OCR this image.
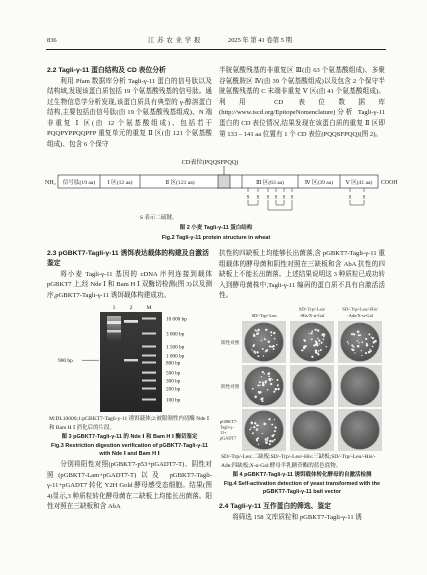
836	江 苏 农 业 学 报	2025 年 第 41 卷第 5 期
2.2 Tagli-γ-11 蛋白结构及 CD 表位分析
利用 Pfam 数据库分析 Tagli-γ-11 蛋白的信号肽以及结构域,发现该蛋白质包括 19 个氨基酸残基的信号肽。通过生物信息学分析发现,该蛋白质具有典型的 γ-醇溶蛋白结构,主要包括由信号肽(由 19 个氨基酸残基组成)、N 端非重复 Ⅰ 区(由 12 个氨基酸组成)、包括若干 PQQPYPPQQPFP 重复单元的重复 Ⅱ 区(由 121 个氨基酸组成)、包含 6 个保守
半胱氨酸残基的非重复区 Ⅲ(由 63 个氨基酸组成)、多聚谷氨酰胺区 Ⅳ(由 39 个氨基酸组成)以及包含 2 个保守半胱氨酸残基的 C 末端非重复 Ⅴ 区(由 41 个氨基酸组成)。利用 CD 表位数据库(http://www.iscd.org/EpitopeNomenclature)分析 Tagli-γ-11 蛋白的 CD 表位情况,结果发现在该蛋白质的重复 Ⅱ 区即第 133 – 141 aa 位置有 1 个 CD 表位(PQQSFPQQ)(图 2)。
CD表位(PQQSFPQQ)
NH₂ 信号肽(19 aa) Ⅰ 区(12 aa)	Ⅱ 区(121 aa)	Ⅲ 区(63 aa)	Ⅳ 区(39 aa) Ⅴ 区(41 aa) COOH
S S S S S S	S S
S 表示二硫键。
图 2 小麦 Tagli-γ-11 蛋白结构
Fig.2 Tagli-γ-11 protein structure in wheat
2.3 pGBKT7-Tagli-γ-11 诱饵表达载体的构建及自激活鉴定
将小麦 Tagli-γ-11 基因的 cDNA 序列连接到载体 pGBKT7 上,经 Nde Ⅰ 和 Bam H Ⅰ 双酶切检测(图 3)以及测序,pGBKT7-Tagli-γ-11 诱饵载体构建成功。
1	2	M
900 bp
10 000 bp
3 000 bp
1 500 bp
1 000 bp
800 bp
500 bp
300 bp
200 bp
100 bp
M:DL10000;1:pGBKT7-Tagli-γ-11 诱饵载体;2:被限制性内切酶 Nde Ⅰ 和 Bam H Ⅰ 消化后的片段。
图 3 pGBKT7-Tagli-γ-11 的 Nde Ⅰ 和 Bam H Ⅰ 酶切鉴定
Fig.3 Restriction digestion verification of pGBKT7-Tagli-γ-11 with Nde Ⅰ and Bam H Ⅰ
分别将阳性对照(pGBKT7-p53+pGADT7-T)、阴性对照(pGBKT7-Lam+pGADT7-T)以及 pGBKT7-Tagli-γ-11+pGADT7 转化 Y2H Gold 酵母感受态细胞。结果(图 4)显示,3 种质粒转化酵母菌在二缺板上均能长出菌落。阳性对照在三缺板和含 AbA
抗性的四缺板上均能够长出菌落,含 pGBKT7-Tagli-γ-11 重组载体的酵母菌和阴性对照在三缺板和含 AbA 抗性的四缺板上不能长出菌落。上述结果说明这 3 种质粒已成功转入到酵母菌株中,Tagli-γ-11 编码的蛋白质不具有自激活活性。
SD/-Trp/-Leu
SD/-Trp/-Leu/
-His/X-α-Gal
SD/-Trp/-Leu/-His/
-Ade/X-α-Gal
阳性对照
阴性对照
pGBKT7-
Tagli-γ-
11+
pGADT7
SD/-Trp/-Leu:二缺板;SD/-Trp/-Leu/-His:三缺板;SD/-Trp/-Leu/-His/-Ade:四缺板;X-α-Gal:酵母半乳糖苷酶的蓝色底物。
图 4 pGBKT7-Tagli-γ-11 诱饵载体转化酵母的自激活检测
Fig.4 Self-activation detection of yeast transformed with the pGBKT7-Tagli-γ-11 bait vector
2.4 Tagli-γ-11 互作蛋白的筛选、鉴定
将筛选 158 文库质粒和 pGBKT7-Tagli-γ-11 诱
